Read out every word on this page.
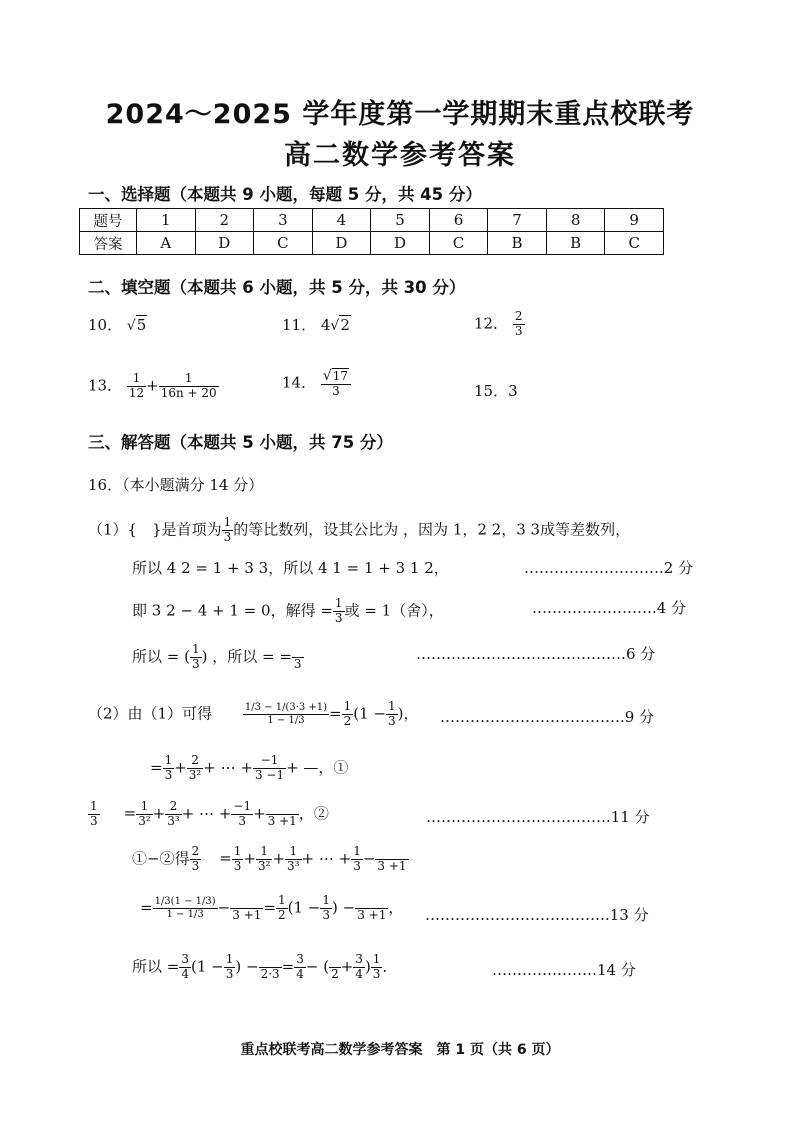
2024～2025 学年度第一学期期末重点校联考
高二数学参考答案
一、选择题（本题共 9 小题，每题 5 分，共 45 分）
题号	1	2	3	4	5	6	7	8	9
答案	A	D	C	D	D	C	B	B	C
二、填空题（本题共 6 小题，共 5 分，共 30 分）
10． √5	11． 4√2	12． $\frac{2}{3}$
13． $\frac{1}{12} + \frac{1}{16n + 20}$	14． $\frac{√17}{3}$	15．3
三、解答题（本题共 5 小题，共 75 分）
16．（本小题满分 14 分）
（1）{　}是首项为 $\frac{1}{3}$ 的等比数列，设其公比为 ，因为 1，2 2，3 3成等差数列，
所以 4 2 = 1 + 3 3，所以 4 1 = 1 + 3 1 2，	……………………….2 分
即 3 2 − 4 + 1 = 0，解得 = $\frac{1}{3}$ 或 = 1（舍），	…………………….4 分
所以 = ( $\frac{1}{3}$ ) ，所以 = = 3
……………………………………6 分
（2）由（1）可得	$\frac{1/3 - 1/(3\cdot 3 +1)}{1 - 1/3} = \frac{1}{2} (1 - \frac{1}{3}$ )， ……………………………….9 分
= $\frac{1}{3} + \frac{2}{\text{3²}}$ + ⋯ + $\frac{-1}{3 -1}$ + —，①
$\frac{1}{3} = \frac{1}{\text{3²}} + \frac{2}{\text{3³}}$ + ⋯ + $\frac{-1}{3} + 3 +1$ ，②	……………………………….11 分
①−②得 $\frac{2}{3} = \frac{1}{3} + \frac{1}{\text{3²}} + \frac{1}{\text{3³}}$ + ⋯ + $\frac{1}{3} - 3 +1$
= $\frac{1/3(1 - 1/3)}{1 - 1/3} - 3 +1 = \frac{1}{2} (1 - \frac{1}{3}$ ) − 3 +1 ， ……………………………….13 分
所以 = $\frac{3}{4} (1 - \frac{1}{3}$ ) − $2\cdot 3 = \frac{3}{4}$ − ( $2 + \frac{3}{4}$ ) $\frac{1}{3}$ ．	…………………14 分
重点校联考高二数学参考答案　第 1 页（共 6 页）
